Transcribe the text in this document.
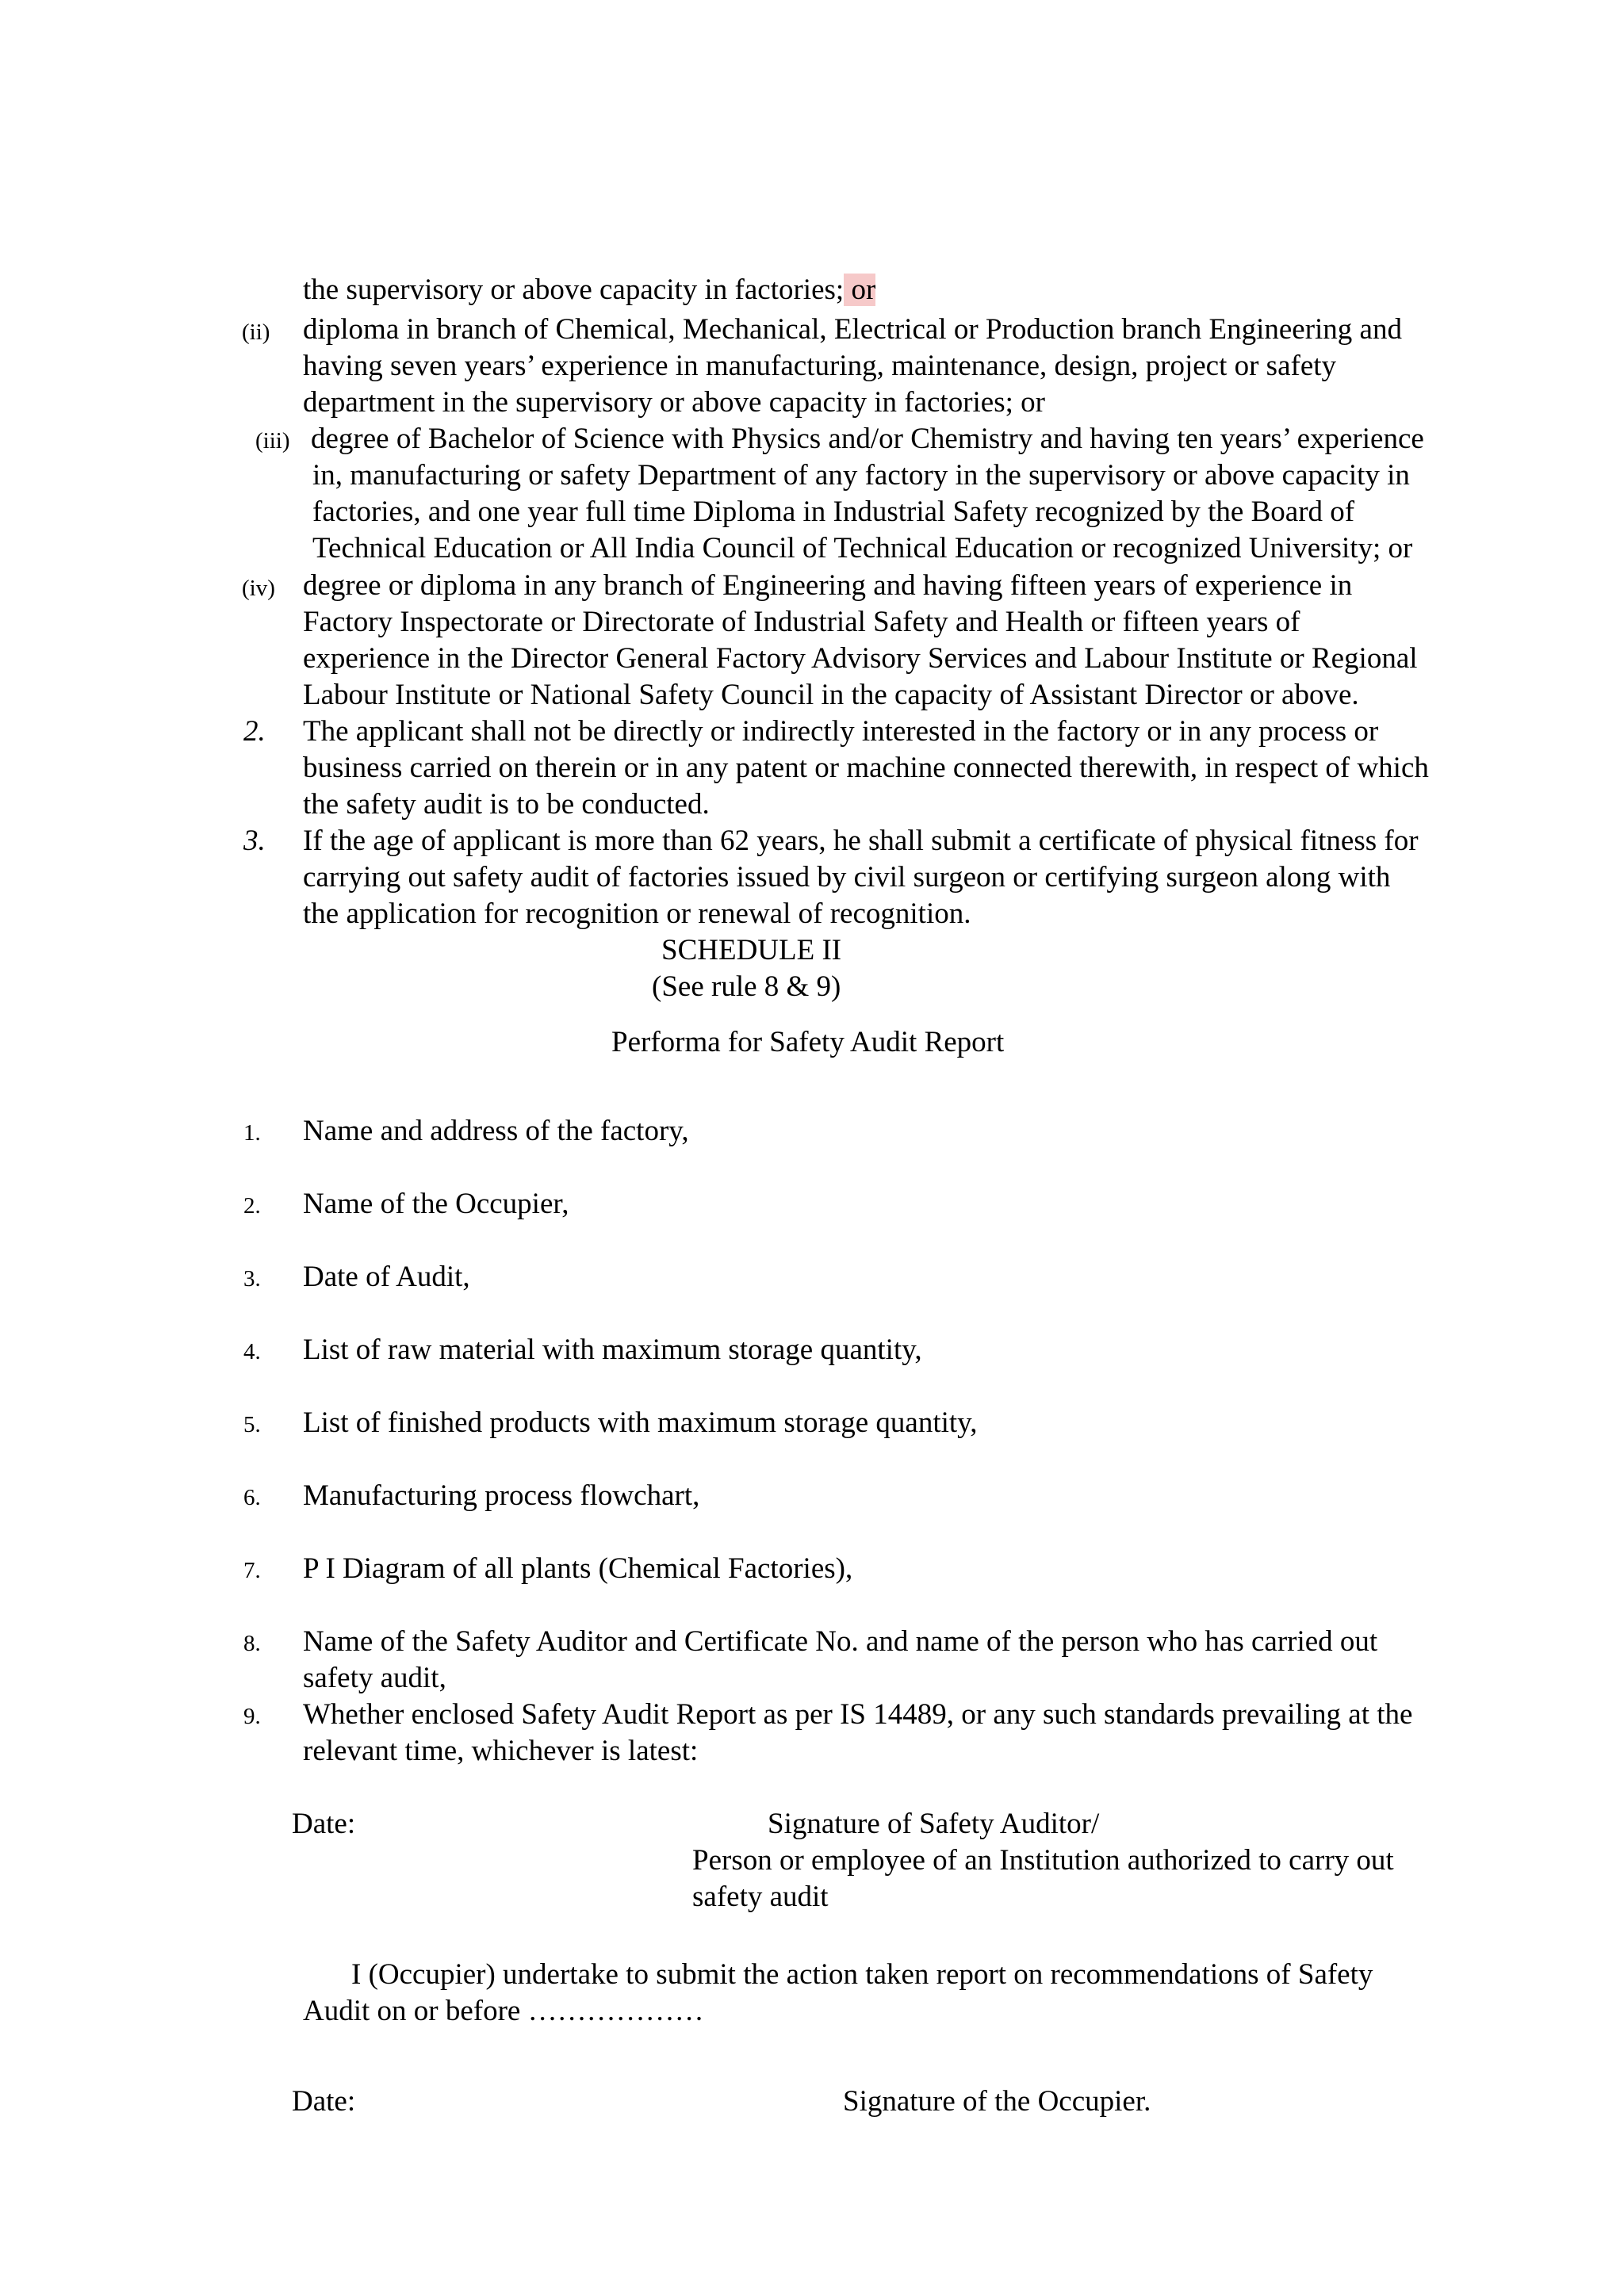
the supervisory or above capacity in factories; or
(ii) diploma in branch of Chemical, Mechanical, Electrical or Production branch Engineering and
having seven years’ experience in manufacturing, maintenance, design, project or safety
department in the supervisory or above capacity in factories; or
(iii) degree of Bachelor of Science with Physics and/or Chemistry and having ten years’ experience
in, manufacturing or safety Department of any factory in the supervisory or above capacity in
factories, and one year full time Diploma in Industrial Safety recognized by the Board of
Technical Education or All India Council of Technical Education or recognized University; or
(iv) degree or diploma in any branch of Engineering and having fifteen years of experience in
Factory Inspectorate or Directorate of Industrial Safety and Health or fifteen years of
experience in the Director General Factory Advisory Services and Labour Institute or Regional
Labour Institute or National Safety Council in the capacity of Assistant Director or above.
2. The applicant shall not be directly or indirectly interested in the factory or in any process or
business carried on therein or in any patent or machine connected therewith, in respect of which
the safety audit is to be conducted.
3. If the age of applicant is more than 62 years, he shall submit a certificate of physical fitness for
carrying out safety audit of factories issued by civil surgeon or certifying surgeon along with
the application for recognition or renewal of recognition.
SCHEDULE II
(See rule 8 & 9)
Performa for Safety Audit Report
1. Name and address of the factory,
2. Name of the Occupier,
3. Date of Audit,
4. List of raw material with maximum storage quantity,
5. List of finished products with maximum storage quantity,
6. Manufacturing process flowchart,
7. P I Diagram of all plants (Chemical Factories),
8. Name of the Safety Auditor and Certificate No. and name of the person who has carried out
safety audit,
9. Whether enclosed Safety Audit Report as per IS 14489, or any such standards prevailing at the
relevant time, whichever is latest:
Date:	Signature of Safety Auditor/
Person or employee of an Institution authorized to carry out
safety audit
I (Occupier) undertake to submit the action taken report on recommendations of Safety
Audit on or before ………………
Date:	Signature of the Occupier.
